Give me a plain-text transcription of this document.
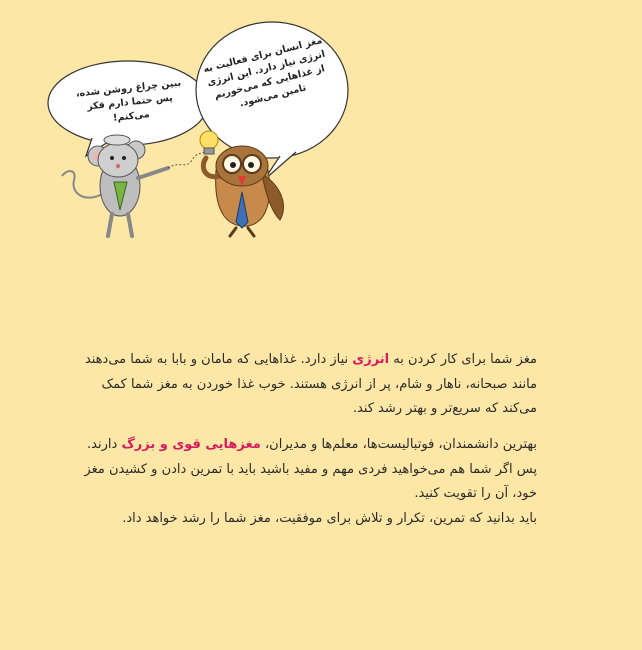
ببین چراغ روشن شده، پس حتما دارم فکر می‌کنم!
مغز انسان برای فعالیت به انرژی نیاز دارد. این انرژی از غذاهایی که می‌خوریم تامین می‌شود.

مغز شما برای کار کردن به انرژی نیاز دارد. غذاهایی که مامان و بابا به شما می‌دهند مانند صبحانه، ناهار و شام، پر از انرژی هستند. خوب غذا خوردن به مغز شما کمک می‌کند که سریع‌تر و بهتر رشد کند.

بهترین دانشمندان، فوتبالیست‌ها، معلم‌ها و مدیران، مغزهایی قوی و بزرگ دارند. پس اگر شما هم می‌خواهید فردی مهم و مفید باشید باید با تمرین دادن و کشیدن مغز خود، آن را تقویت کنید.
باید بدانید که تمرین، تکرار و تلاش برای موفقیت، مغز شما را رشد خواهد داد.
